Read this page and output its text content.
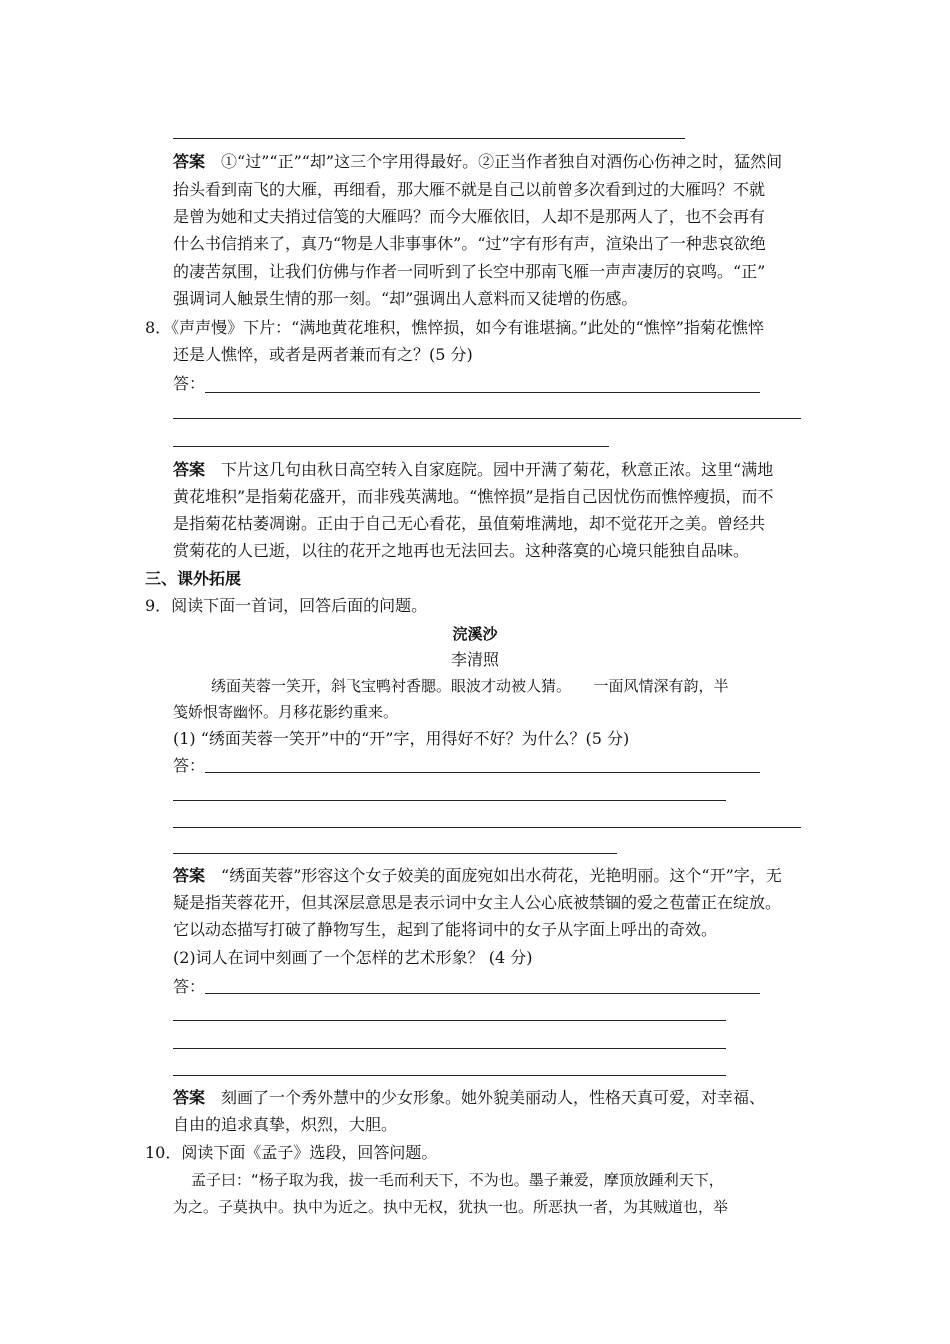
答案　 ①“过”“正”“却”这三个字用得最好。②正当作者独自对酒伤心伤神之时，猛然间
抬头看到南飞的大雁，再细看，那大雁不就是自己以前曾多次看到过的大雁吗？不就
是曾为她和丈夫捎过信笺的大雁吗？而今大雁依旧，人却不是那两人了，也不会再有
什么书信捎来了，真乃“物是人非事事休”。“过”字有形有声，渲染出了一种悲哀欲绝
的凄苦氛围，让我们仿佛与作者一同听到了长空中那南飞雁一声声凄厉的哀鸣。“正”
强调词人触景生情的那一刻。“却”强调出人意料而又徒增的伤感。
8．《声声慢》下片：“满地黄花堆积，憔悴损，如今有谁堪摘。”此处的“憔悴”指菊花憔悴
还是人憔悴，或者是两者兼而有之？(5 分)
答：
答案　 下片这几句由秋日高空转入自家庭院。园中开满了菊花，秋意正浓。这里“满地
黄花堆积”是指菊花盛开，而非残英满地。“憔悴损”是指自己因忧伤而憔悴瘦损，而不
是指菊花枯萎凋谢。正由于自己无心看花，虽值菊堆满地，却不觉花开之美。曾经共
赏菊花的人已逝，以往的花开之地再也无法回去。这种落寞的心境只能独自品味。
三、课外拓展
9．阅读下面一首词，回答后面的问题。
浣溪沙
李清照
绣面芙蓉一笑开，斜飞宝鸭衬香腮。眼波才动被人猜。　　一面风情深有韵，半
笺娇恨寄幽怀。月移花影约重来。
(1) “绣面芙蓉一笑开”中的“开”字，用得好不好？为什么？(5 分)
答：
答案　 “绣面芙蓉”形容这个女子姣美的面庞宛如出水荷花，光艳明丽。这个“开”字，无
疑是指芙蓉花开，但其深层意思是表示词中女主人公心底被禁锢的爱之苞蕾正在绽放。
它以动态描写打破了静物写生，起到了能将词中的女子从字面上呼出的奇效。
(2)词人在词中刻画了一个怎样的艺术形象？ (4 分)
答：
答案　 刻画了一个秀外慧中的少女形象。她外貌美丽动人，性格天真可爱，对幸福、
自由的追求真挚，炽烈，大胆。
10．阅读下面《孟子》选段，回答问题。
孟子曰：“杨子取为我，拔一毛而利天下，不为也。墨子兼爱，摩顶放踵利天下，
为之。子莫执中。执中为近之。执中无权，犹执一也。所恶执一者，为其贼道也，举
